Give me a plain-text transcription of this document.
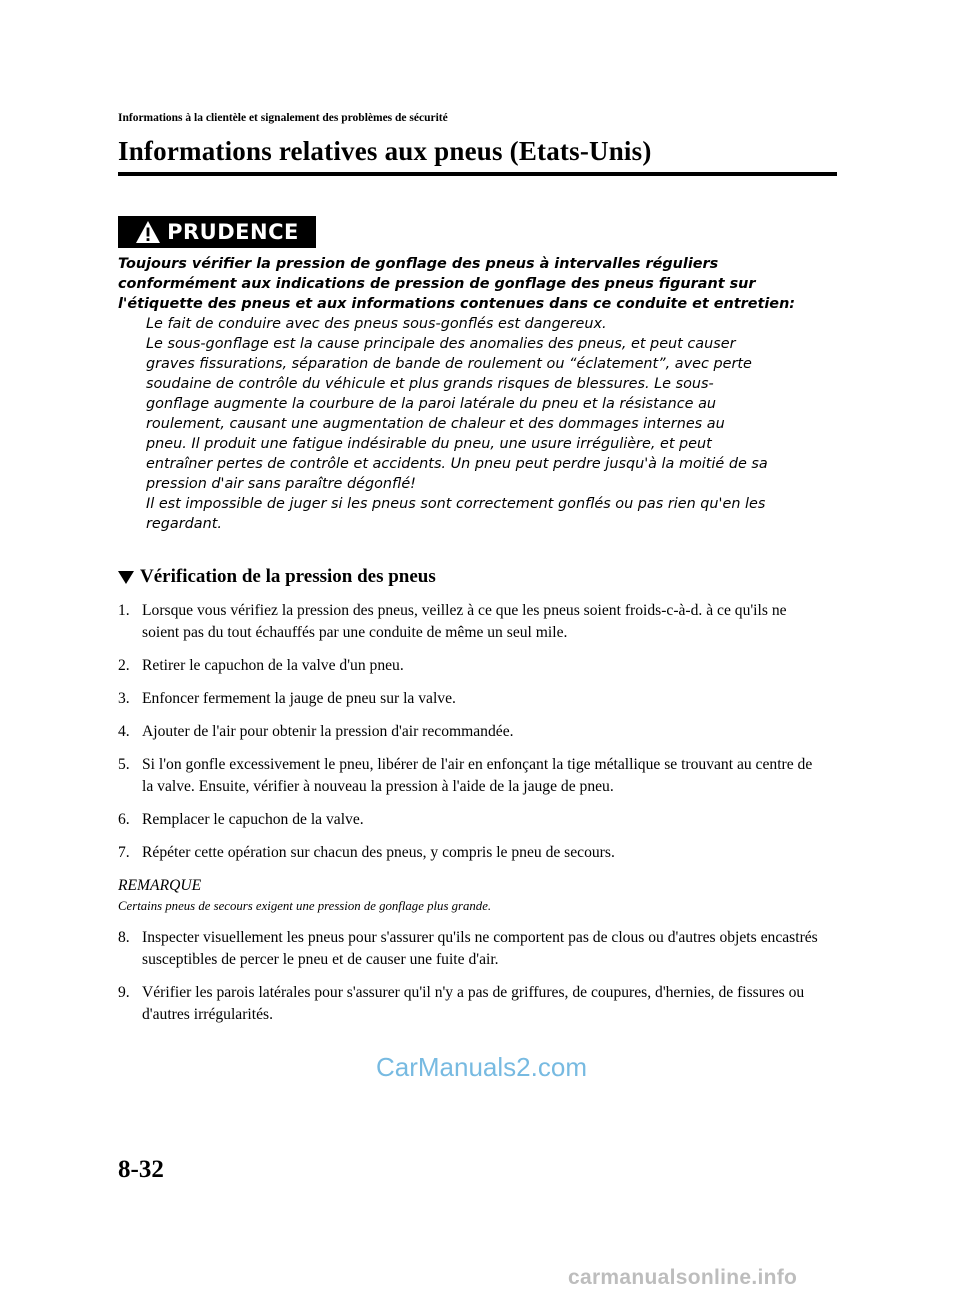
Informations à la clientèle et signalement des problèmes de sécurité
Informations relatives aux pneus (Etats-Unis)
PRUDENCE

Toujours vérifier la pression de gonflage des pneus à intervalles réguliers

conformément aux indications de pression de gonflage des pneus figurant sur

l'étiquette des pneus et aux informations contenues dans ce conduite et entretien:

Le fait de conduire avec des pneus sous-gonflés est dangereux.

Le sous-gonflage est la cause principale des anomalies des pneus, et peut causer

graves fissurations, séparation de bande de roulement ou “éclatement”, avec perte

soudaine de contrôle du véhicule et plus grands risques de blessures. Le sous-

gonflage augmente la courbure de la paroi latérale du pneu et la résistance au

roulement, causant une augmentation de chaleur et des dommages internes au

pneu. Il produit une fatigue indésirable du pneu, une usure irrégulière, et peut

entraîner pertes de contrôle et accidents. Un pneu peut perdre jusqu'à la moitié de sa

pression d'air sans paraître dégonflé!

Il est impossible de juger si les pneus sont correctement gonflés ou pas rien qu'en les

regardant.

Vérification de la pression des pneus
1. Lorsque vous vérifiez la pression des pneus, veillez à ce que les pneus soient froids-c-à-d. à ce qu'ils ne soient pas du tout échauffés par une conduite de même un seul mile.
2. Retirer le capuchon de la valve d'un pneu.
3. Enfoncer fermement la jauge de pneu sur la valve.
4. Ajouter de l'air pour obtenir la pression d'air recommandée.
5. Si l'on gonfle excessivement le pneu, libérer de l'air en enfonçant la tige métallique se trouvant au centre de la valve. Ensuite, vérifier à nouveau la pression à l'aide de la jauge de pneu.
6. Remplacer le capuchon de la valve.
7. Répéter cette opération sur chacun des pneus, y compris le pneu de secours.
REMARQUE
Certains pneus de secours exigent une pression de gonflage plus grande.
8. Inspecter visuellement les pneus pour s'assurer qu'ils ne comportent pas de clous ou d'autres objets encastrés susceptibles de percer le pneu et de causer une fuite d'air.
9. Vérifier les parois latérales pour s'assurer qu'il n'y a pas de griffures, de coupures, d'hernies, de fissures ou d'autres irrégularités.
CarManuals2.com
8-32
carmanualsonline.info
